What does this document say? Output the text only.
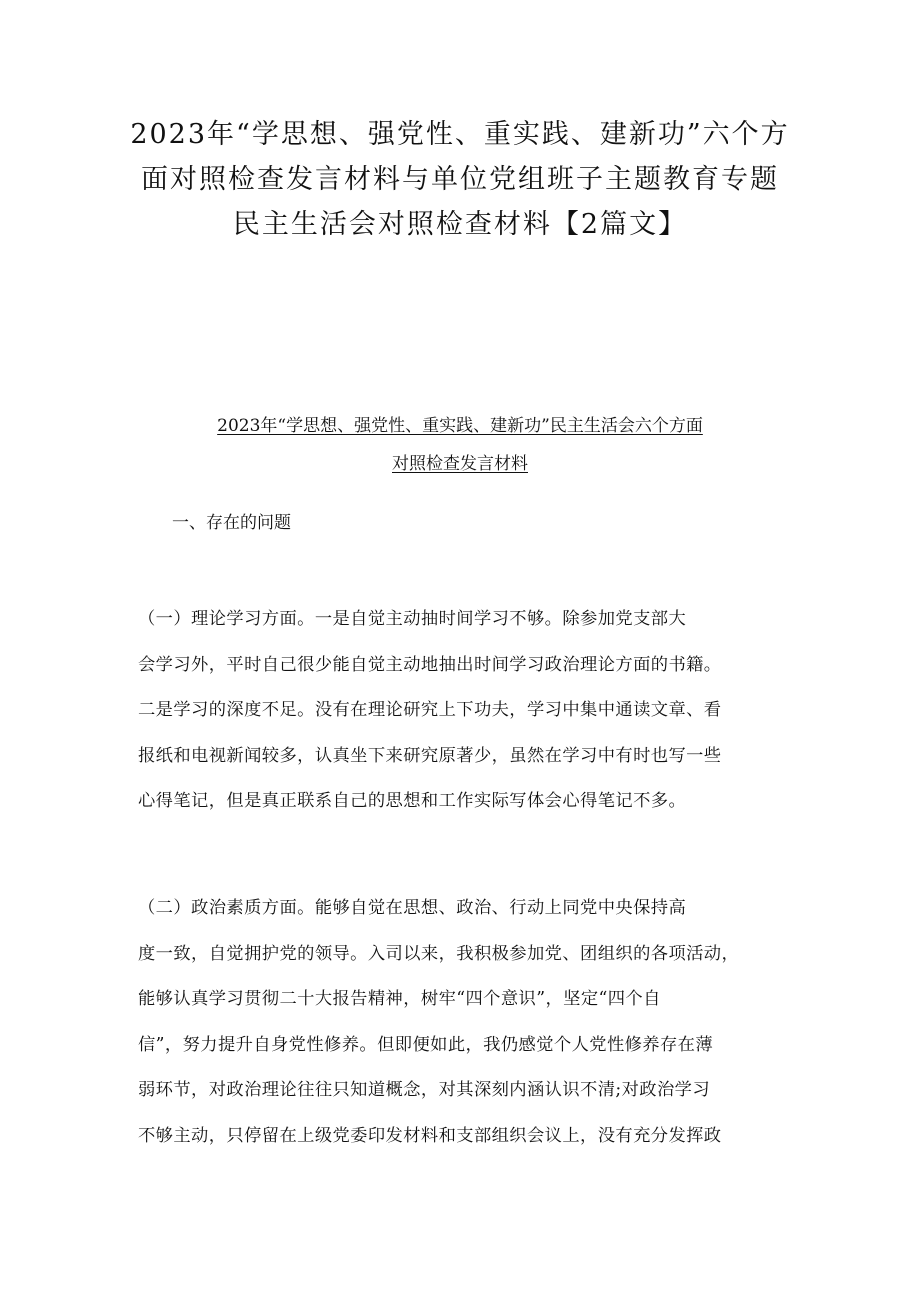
2023年“学思想、强党性、重实践、建新功”六个方
面对照检查发言材料与单位党组班子主题教育专题
民主生活会对照检查材料【2篇文】
2023年“学思想、强党性、重实践、建新功”民主生活会六个方面
对照检查发言材料
一、存在的问题

（一）理论学习方面。一是自觉主动抽时间学习不够。除参加党支部大
会学习外，平时自己很少能自觉主动地抽出时间学习政治理论方面的书籍。
二是学习的深度不足。没有在理论研究上下功夫，学习中集中通读文章、看
报纸和电视新闻较多，认真坐下来研究原著少，虽然在学习中有时也写一些
心得笔记，但是真正联系自己的思想和工作实际写体会心得笔记不多。

（二）政治素质方面。能够自觉在思想、政治、行动上同党中央保持高
度一致，自觉拥护党的领导。入司以来，我积极参加党、团组织的各项活动，
能够认真学习贯彻二十大报告精神，树牢“四个意识”，坚定“四个自
信”，努力提升自身党性修养。但即便如此，我仍感觉个人党性修养存在薄
弱环节，对政治理论往往只知道概念，对其深刻内涵认识不清;对政治学习
不够主动，只停留在上级党委印发材料和支部组织会议上，没有充分发挥政
